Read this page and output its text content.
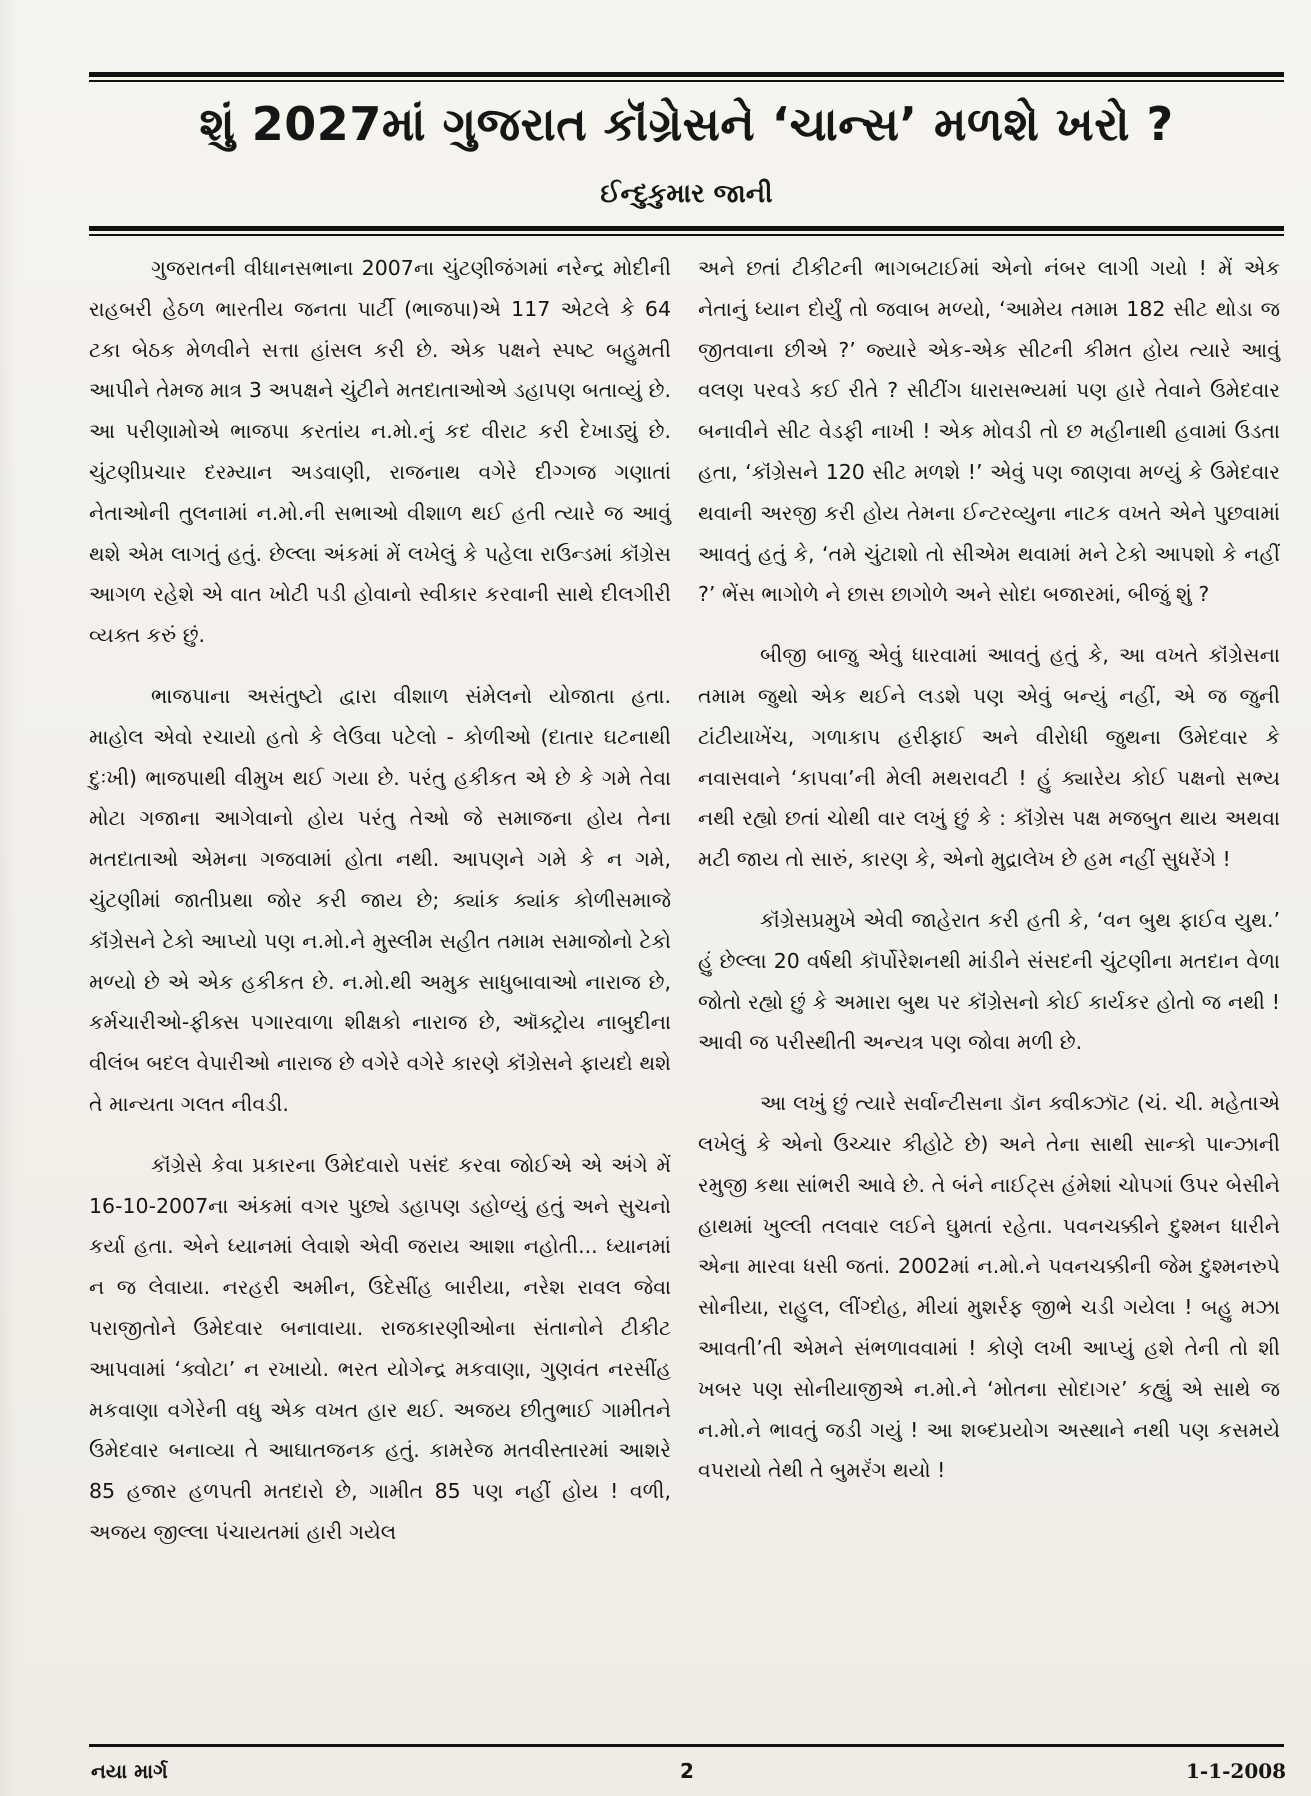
શું 2027માં ગુજરાત કૉંગ્રેસને ‘ચાન્સ’ મળશે ખરો ?
ઈન્દુકુમાર જાની

ગુજરાતની વીધાનસભાના 2007ના ચુંટણીજંગમાં નરેન્દ્ર મોદીની રાહબરી હેઠળ ભારતીય જનતા પાર્ટી (ભાજપા)એ 117 એટલે કે 64 ટકા બેઠક મેળવીને સત્તા હાંસલ કરી છે. એક પક્ષને સ્પષ્ટ બહુમતી આપીને તેમજ માત્ર 3 અપક્ષને ચુંટીને મતદાતાઓએ ડહાપણ બતાવ્યું છે. આ પરીણામોએ ભાજપા કરતાંય ન.મો.નું કદ વીરાટ કરી દેખાડ્યું છે. ચુંટણીપ્રચાર દરમ્યાન અડવાણી, રાજનાથ વગેરે દીગ્ગજ ગણાતાં નેતાઓની તુલનામાં ન.મો.ની સભાઓ વીશાળ થઈ હતી ત્યારે જ આવું થશે એમ લાગતું હતું. છેલ્લા અંકમાં મેં લખેલું કે પહેલા રાઉન્ડમાં કૉંગ્રેસ આગળ રહેશે એ વાત ખોટી પડી હોવાનો સ્વીકાર કરવાની સાથે દીલગીરી વ્યક્ત કરું છું.

ભાજપાના અસંતુષ્ટો દ્વારા વીશાળ સંમેલનો યોજાતા હતા. માહોલ એવો રચાયો હતો કે લેઉવા પટેલો - કોળીઓ (દાતાર ઘટનાથી દુઃખી) ભાજપાથી વીમુખ થઈ ગયા છે. પરંતુ હકીકત એ છે કે ગમે તેવા મોટા ગજાના આગેવાનો હોય પરંતુ તેઓ જે સમાજના હોય તેના મતદાતાઓ એમના ગજવામાં હોતા નથી. આપણને ગમે કે ન ગમે, ચુંટણીમાં જાતીપ્રથા જોર કરી જાય છે; ક્યાંક ક્યાંક કોળીસમાજે કૉંગ્રેસને ટેકો આપ્યો પણ ન.મો.ને મુસ્લીમ સહીત તમામ સમાજોનો ટેકો મળ્યો છે એ એક હકીકત છે. ન.મો.થી અમુક સાધુબાવાઓ નારાજ છે, કર્મચારીઓ-ફીક્સ પગારવાળા શીક્ષકો નારાજ છે, ઑક્ટ્રોય નાબુદીના વીલંબ બદલ વેપારીઓ નારાજ છે વગેરે વગેરે કારણે કૉંગ્રેસને ફાયદો થશે તે માન્યતા ગલત નીવડી.

કૉંગ્રેસે કેવા પ્રકારના ઉમેદવારો પસંદ કરવા જોઈએ એ અંગે મેં 16-10-2007ના અંકમાં વગર પુછ્યે ડહાપણ ડહોળ્યું હતું અને સુચનો કર્યા હતા. એને ધ્યાનમાં લેવાશે એવી જરાય આશા નહોતી... ધ્યાનમાં ન જ લેવાયા. નરહરી અમીન, ઉદેસીંહ બારીયા, નરેશ રાવલ જેવા પરાજીતોને ઉમેદવાર બનાવાયા. રાજકારણીઓના સંતાનોને ટીકીટ આપવામાં ‘ક્વોટા’ ન રખાયો. ભરત યોગેન્દ્ર મકવાણા, ગુણવંત નરસીંહ મકવાણા વગેરેની વધુ એક વખત હાર થઈ. અજય છીતુભાઈ ગામીતને ઉમેદવાર બનાવ્યા તે આઘાતજનક હતું. કામરેજ મતવીસ્તારમાં આશરે 85 હજાર હળપતી મતદારો છે, ગામીત 85 પણ નહીં હોય ! વળી, અજય જીલ્લા પંચાયતમાં હારી ગયેલ

અને છતાં ટીકીટની ભાગબટાઈમાં એનો નંબર લાગી ગયો ! મેં એક નેતાનું ધ્યાન દોર્યું તો જવાબ મળ્યો, ‘આમેય તમામ 182 સીટ થોડા જ જીતવાના છીએ ?’ જ્યારે એક-એક સીટની કીમત હોય ત્યારે આવું વલણ પરવડે કઈ રીતે ? સીટીંગ ધારાસભ્યમાં પણ હારે તેવાને ઉમેદવાર બનાવીને સીટ વેડફી નાખી ! એક મોવડી તો છ મહીનાથી હવામાં ઉડતા હતા, ‘કૉંગ્રેસને 120 સીટ મળશે !’ એવું પણ જાણવા મળ્યું કે ઉમેદવાર થવાની અરજી કરી હોય તેમના ઈન્ટરવ્યુના નાટક વખતે એને પુછવામાં આવતું હતું કે, ‘તમે ચુંટાશો તો સીએમ થવામાં મને ટેકો આપશો કે નહીં ?’ ભેંસ ભાગોળે ને છાસ છાગોળે અને સોદા બજારમાં, બીજું શું ?

બીજી બાજુ એવું ધારવામાં આવતું હતું કે, આ વખતે કૉંગ્રેસના તમામ જુથો એક થઈને લડશે પણ એવું બન્યું નહીં, એ જ જુની ટાંટીયાખેંચ, ગળાકાપ હરીફાઈ અને વીરોધી જુથના ઉમેદવાર કે નવાસવાને ‘કાપવા’ની મેલી મથરાવટી ! હું ક્યારેય કોઈ પક્ષનો સભ્ય નથી રહ્યો છતાં ચોથી વાર લખું છું કે : કૉંગ્રેસ પક્ષ મજબુત થાય અથવા મટી જાય તો સારું, કારણ કે, એનો મુદ્રાલેખ છે હમ નહીં સુધરેંગે !

કૉંગ્રેસપ્રમુખે એવી જાહેરાત કરી હતી કે, ‘વન બુથ ફાઈવ યુથ.’ હું છેલ્લા 20 વર્ષથી કૉર્પોરેશનથી માંડીને સંસદની ચુંટણીના મતદાન વેળા જોતો રહ્યો છું કે અમારા બુથ પર કૉંગ્રેસનો કોઈ કાર્યકર હોતો જ નથી ! આવી જ પરીસ્થીતી અન્યત્ર પણ જોવા મળી છે.

આ લખું છું ત્યારે સર્વાન્ટીસના ડૉન ક્વીક્ઝૉટ (ચં. ચી. મહેતાએ લખેલું કે એનો ઉચ્ચાર કીહોટે છે) અને તેના સાથી સાન્કો પાન્ઝાની રમુજી કથા સાંભરી આવે છે. તે બંને નાઈટ્સ હંમેશાં ચોપગાં ઉપર બેસીને હાથમાં ખુલ્લી તલવાર લઈને ઘુમતાં રહેતા. પવનચક્કીને દુશ્મન ધારીને એના મારવા ધસી જતાં. 2002માં ન.મો.ને પવનચક્કીની જેમ દુશ્મનરુપે સોનીયા, રાહુલ, લીંગ્દોહ, મીયાં મુશર્રફ જીભે ચડી ગયેલા ! બહુ મઝા આવતી’તી એમને સંભળાવવામાં ! કોણે લખી આપ્યું હશે તેની તો શી ખબર પણ સોનીયાજીએ ન.મો.ને ‘મોતના સોદાગર’ કહ્યું એ સાથે જ ન.મો.ને ભાવતું જડી ગયું ! આ શબ્દપ્રયોગ અસ્થાને નથી પણ કસમયે વપરાયો તેથી તે બુમરૅંગ થયો !

નયા માર્ગ	2	1-1-2008
